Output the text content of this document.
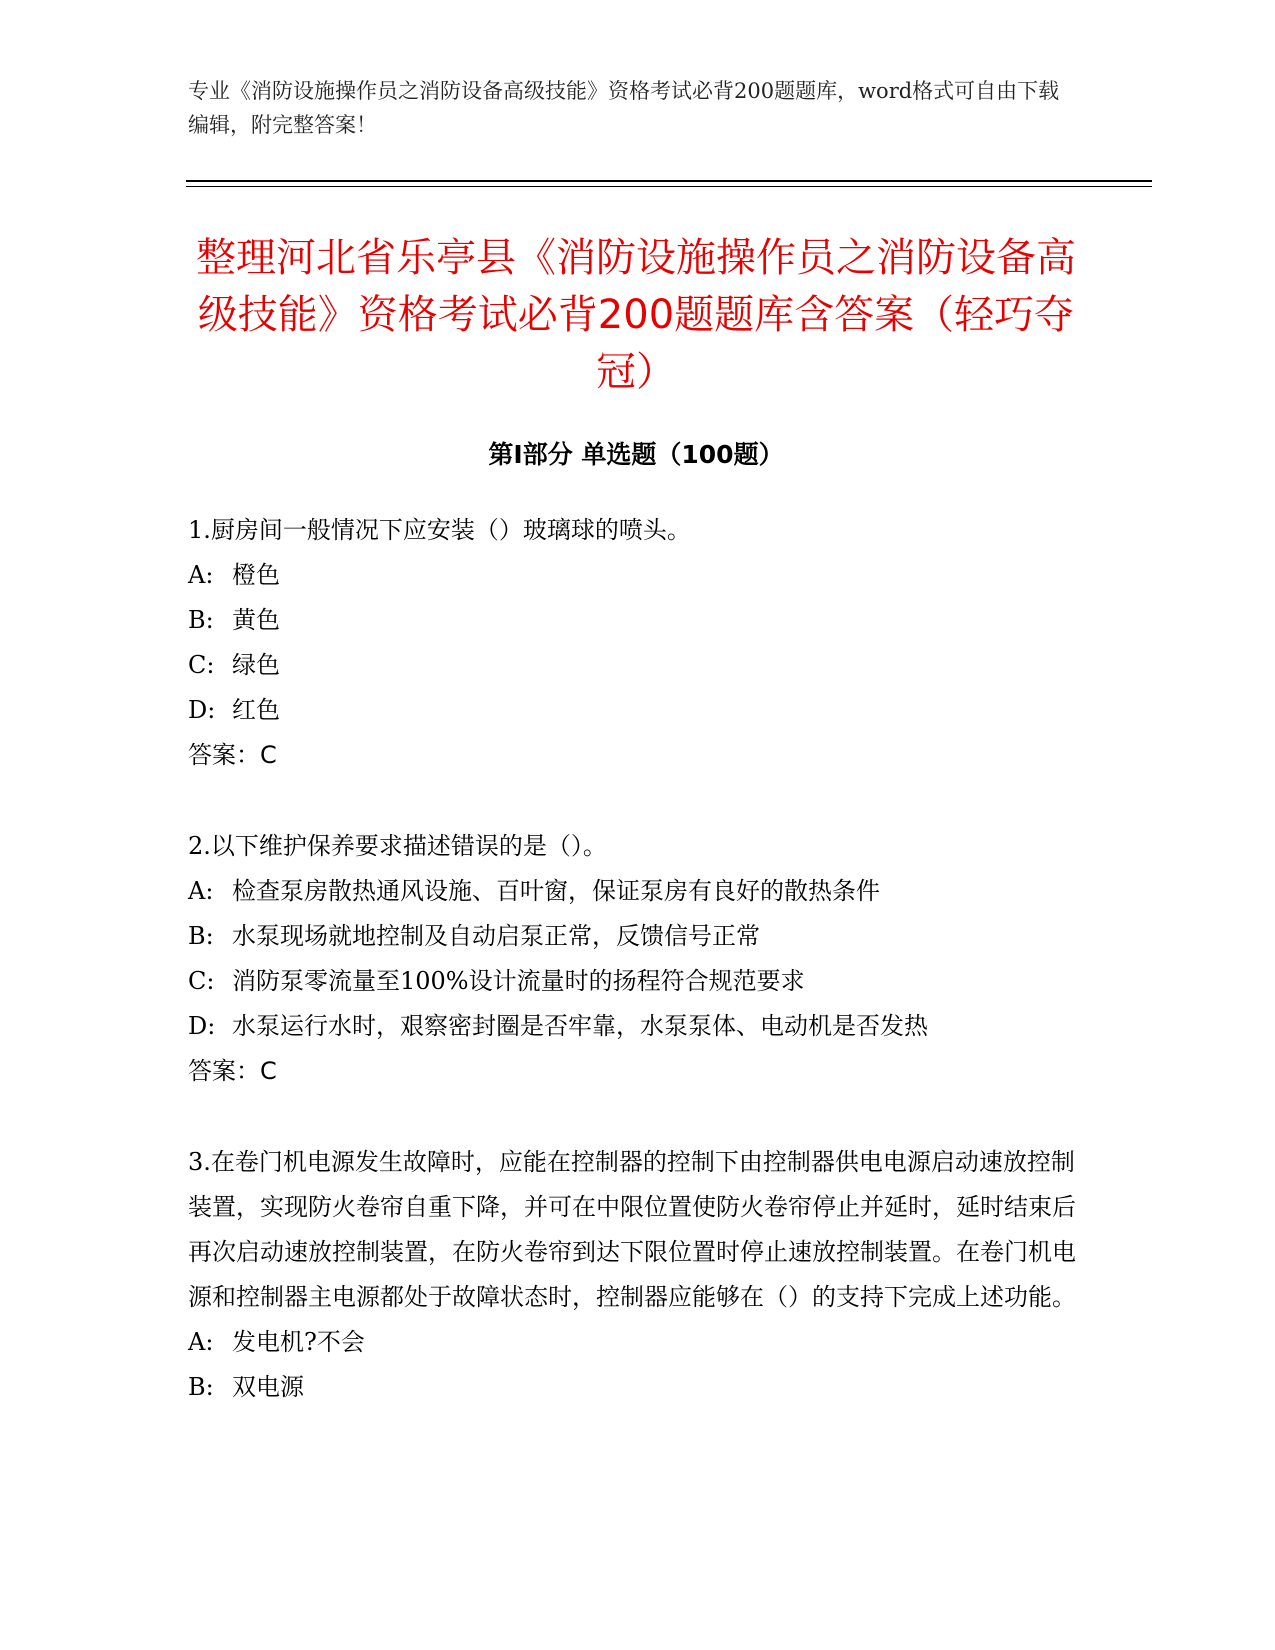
专业《消防设施操作员之消防设备高级技能》资格考试必背200题题库，word格式可自由下载编辑，附完整答案！

整理河北省乐亭县《消防设施操作员之消防设备高级技能》资格考试必背200题题库含答案（轻巧夺冠）
第I部分 单选题（100题）

1.厨房间一般情况下应安装（）玻璃球的喷头。

A: 橙色

B: 黄色

C: 绿色

D: 红色

答案：C

2.以下维护保养要求描述错误的是（）。

A: 检查泵房散热通风设施、百叶窗，保证泵房有良好的散热条件

B: 水泵现场就地控制及自动启泵正常，反馈信号正常

C: 消防泵零流量至100%设计流量时的扬程符合规范要求

D: 水泵运行水时，艰察密封圈是否牢靠，水泵泵体、电动机是否发热

答案：C

3.在卷门机电源发生故障时，应能在控制器的控制下由控制器供电电源启动速放控制装置，实现防火卷帘自重下降，并可在中限位置使防火卷帘停止并延时，延时结束后再次启动速放控制装置，在防火卷帘到达下限位置时停止速放控制装置。在卷门机电源和控制器主电源都处于故障状态时，控制器应能够在（）的支持下完成上述功能。

A: 发电机?不会

B: 双电源
